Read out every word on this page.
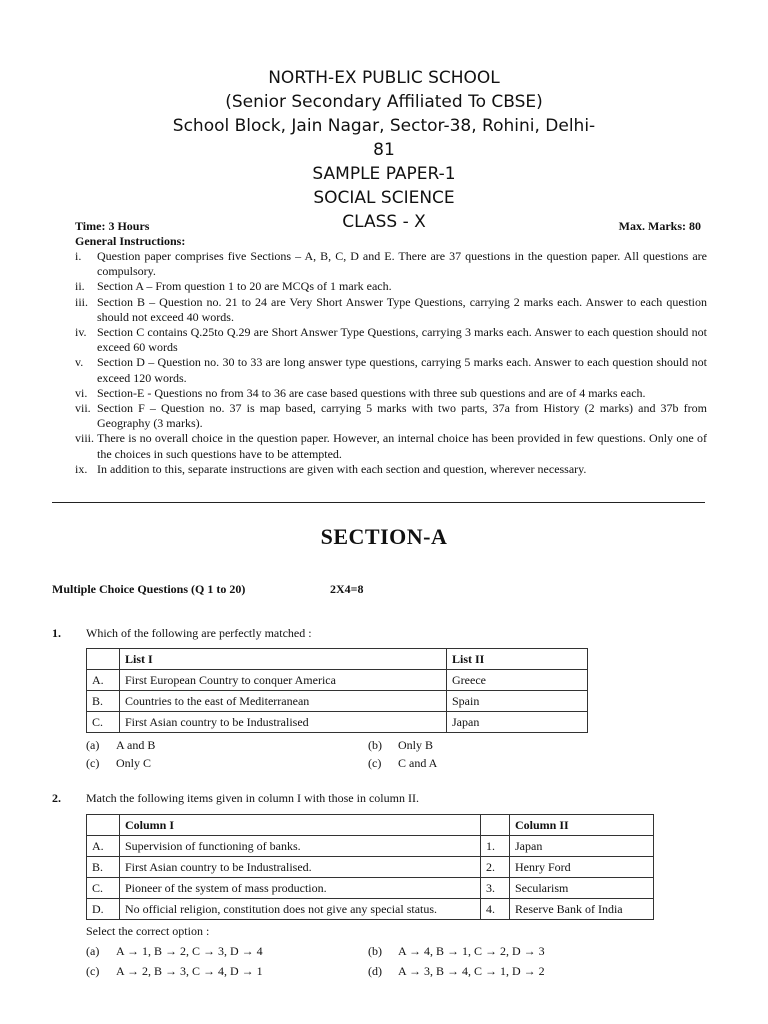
NORTH-EX PUBLIC SCHOOL
(Senior Secondary Affiliated To CBSE)
School Block, Jain Nagar, Sector-38, Rohini, Delhi-
81
SAMPLE PAPER-1
SOCIAL SCIENCE
CLASS - X
Time: 3 Hours	Max. Marks: 80
General Instructions:
i.	Question paper comprises five Sections – A, B, C, D and E. There are 37 questions in the question paper. All questions are compulsory.
ii.	Section A – From question 1 to 20 are MCQs of 1 mark each.
iii. Section B – Question no. 21 to 24 are Very Short Answer Type Questions, carrying 2 marks each. Answer to each question should not exceed 40 words.
iv. Section C contains Q.25to Q.29 are Short Answer Type Questions, carrying 3 marks each. Answer to each question should not exceed 60 words
v.	Section D – Question no. 30 to 33 are long answer type questions, carrying 5 marks each. Answer to each question should not exceed 120 words.
vi. Section-E - Questions no from 34 to 36 are case based questions with three sub questions and are of 4 marks each.
vii. Section F – Question no. 37 is map based, carrying 5 marks with two parts, 37a from History (2 marks) and 37b from Geography (3 marks).
viii. There is no overall choice in the question paper. However, an internal choice has been provided in few questions. Only one of the choices in such questions have to be attempted.
ix. In addition to this, separate instructions are given with each section and question, wherever necessary.
SECTION-A
Multiple Choice Questions (Q 1 to 20)	2X4=8
1. Which of the following are perfectly matched :
	List I	List II
A.	First European Country to conquer America	Greece
B.	Countries to the east of Mediterranean	Spain
C.	First Asian country to be Industralised	Japan
(a) A and B	(b) Only B
(c) Only C	(c) C and A
2. Match the following items given in column I with those in column II.
	Column I		Column II
A.	Supervision of functioning of banks.	1.	Japan
B.	First Asian country to be Industralised.	2.	Henry Ford
C.	Pioneer of the system of mass production.	3.	Secularism
D.	No official religion, constitution does not give any special status.	4.	Reserve Bank of India
Select the correct option :
(a) A → 1, B → 2, C → 3, D → 4	(b) A → 4, B → 1, C → 2, D → 3
(c) A → 2, B → 3, C → 4, D → 1	(d) A → 3, B → 4, C → 1, D → 2
